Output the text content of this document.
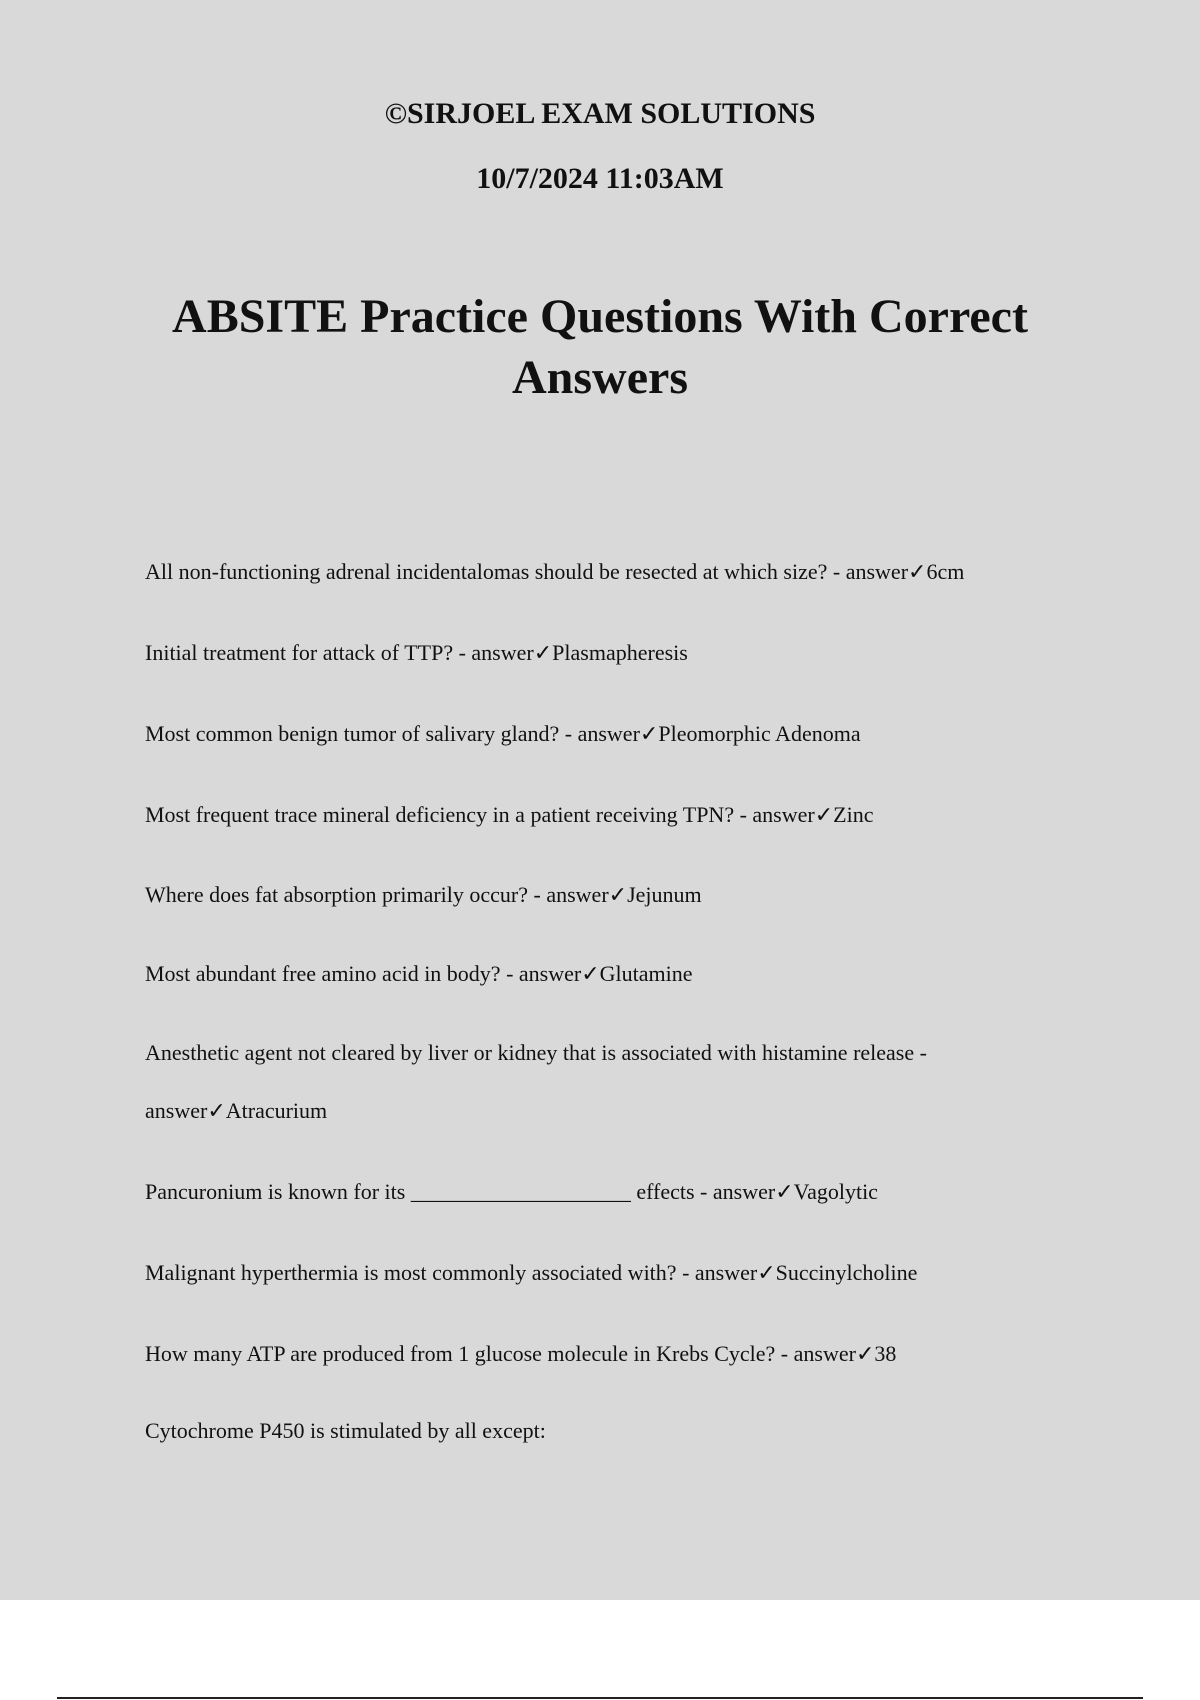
©SIRJOEL EXAM SOLUTIONS

10/7/2024 11:03AM

ABSITE Practice Questions With Correct
Answers
All non-functioning adrenal incidentalomas should be resected at which size? - answer✓6cm
Initial treatment for attack of TTP? - answer✓Plasmapheresis
Most common benign tumor of salivary gland? - answer✓Pleomorphic Adenoma
Most frequent trace mineral deficiency in a patient receiving TPN? - answer✓Zinc
Where does fat absorption primarily occur? - answer✓Jejunum
Most abundant free amino acid in body? - answer✓Glutamine
Anesthetic agent not cleared by liver or kidney that is associated with histamine release - answer✓Atracurium
Pancuronium is known for its ____________________ effects - answer✓Vagolytic
Malignant hyperthermia is most commonly associated with? - answer✓Succinylcholine
How many ATP are produced from 1 glucose molecule in Krebs Cycle? - answer✓38
Cytochrome P450 is stimulated by all except:
